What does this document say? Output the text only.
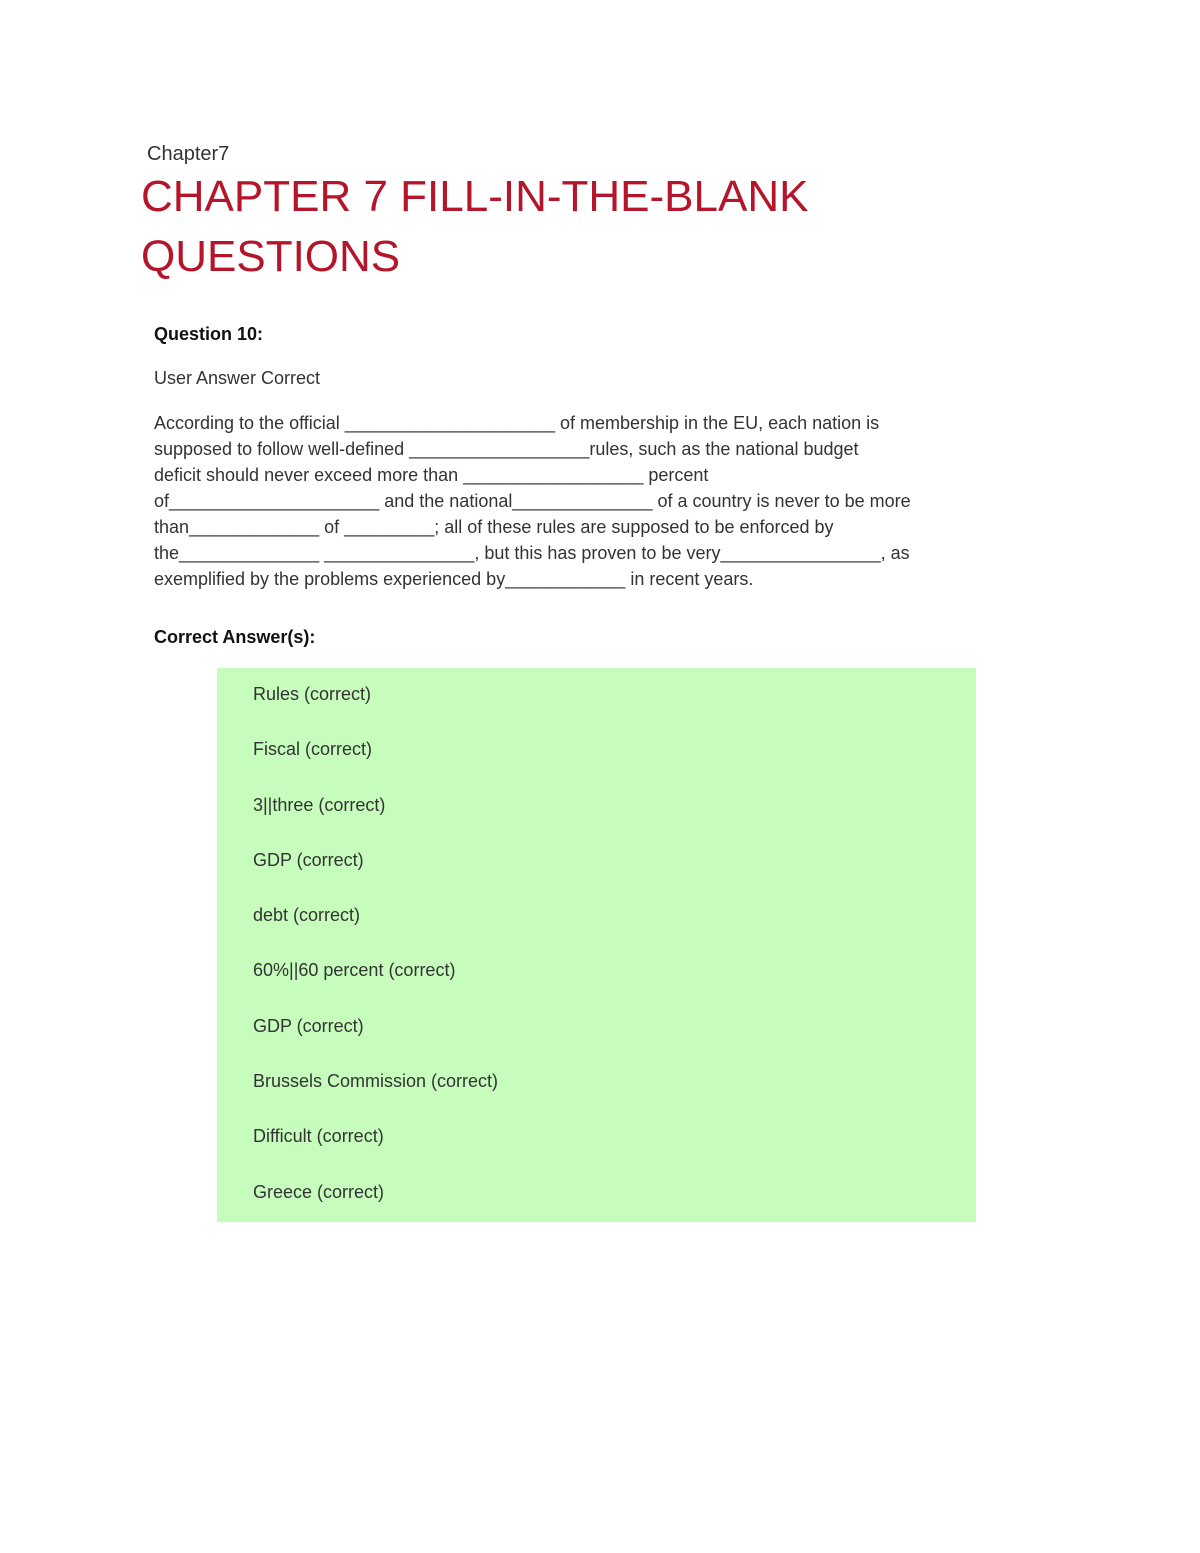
Chapter7

CHAPTER 7 FILL-IN-THE-BLANK QUESTIONS

Question 10:

User Answer Correct

According to the official _____________________ of membership in the EU, each nation is
supposed to follow well-defined __________________rules, such as the national budget
deficit should never exceed more than __________________ percent
of_____________________ and the national______________ of a country is never to be more
than_____________ of _________; all of these rules are supposed to be enforced by
the______________ _______________, but this has proven to be very________________, as
exemplified by the problems experienced by____________ in recent years.

Correct Answer(s):

Rules (correct)
Fiscal (correct)
3||three (correct)
GDP (correct)
debt (correct)
60%||60 percent (correct)
GDP (correct)
Brussels Commission (correct)
Difficult (correct)
Greece (correct)
